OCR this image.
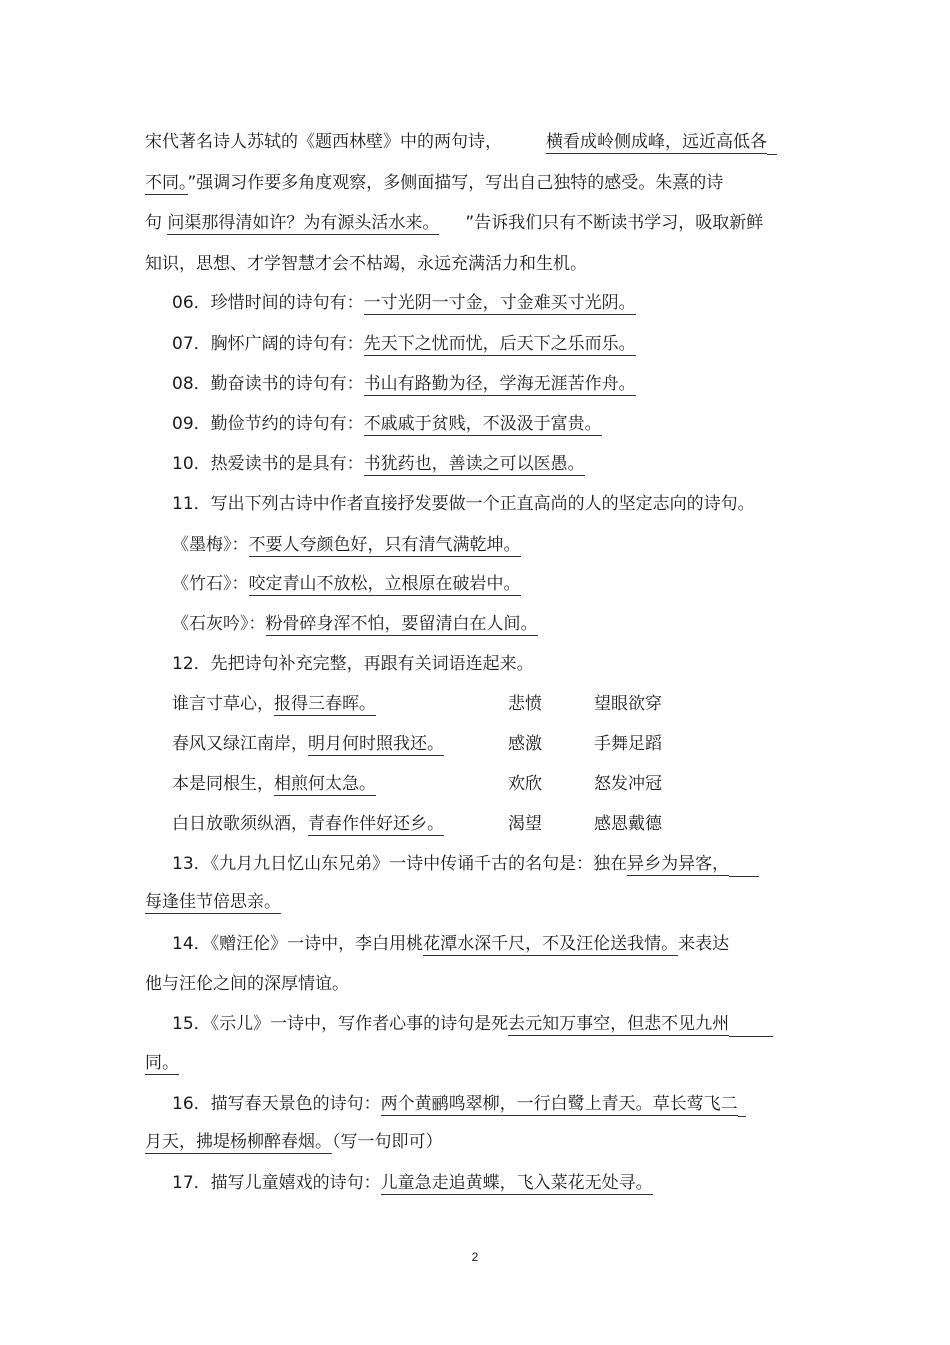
宋代著名诗人苏轼的《题西林壁》中的两句诗，	横看成岭侧成峰，远近高低各
不同。”强调习作要多角度观察，多侧面描写，写出自己独特的感受。朱熹的诗
句 问渠那得清如许？为有源头活水来。 ”告诉我们只有不断读书学习，吸取新鲜
知识，思想、才学智慧才会不枯竭，永远充满活力和生机。
06．珍惜时间的诗句有：一寸光阴一寸金，寸金难买寸光阴。
07．胸怀广阔的诗句有：先天下之忧而忧，后天下之乐而乐。
08．勤奋读书的诗句有：书山有路勤为径，学海无涯苦作舟。
09．勤俭节约的诗句有：不戚戚于贫贱，不汲汲于富贵。
10．热爱读书的是具有：书犹药也，善读之可以医愚。
11．写出下列古诗中作者直接抒发要做一个正直高尚的人的坚定志向的诗句。
《墨梅》：不要人夸颜色好，只有清气满乾坤。
《竹石》：咬定青山不放松，立根原在破岩中。
《石灰吟》：粉骨碎身浑不怕，要留清白在人间。
12．先把诗句补充完整，再跟有关词语连起来。
谁言寸草心，报得三春晖。	悲愤	望眼欲穿
春风又绿江南岸，明月何时照我还。	感激	手舞足蹈
本是同根生，相煎何太急。	欢欣	怒发冲冠
白日放歌须纵酒，青春作伴好还乡。	渴望	感恩戴德
13．《九月九日忆山东兄弟》一诗中传诵千古的名句是：独在异乡为异客，
每逢佳节倍思亲。
14．《赠汪伦》一诗中，李白用桃花潭水深千尺，不及汪伦送我情。来表达
他与汪伦之间的深厚情谊。
15．《示儿》一诗中，写作者心事的诗句是死去元知万事空，但悲不见九州
同。
16．描写春天景色的诗句：两个黄鹂鸣翠柳，一行白鹭上青天。草长莺飞二
月天，拂堤杨柳醉春烟。（写一句即可）
17．描写儿童嬉戏的诗句：儿童急走追黄蝶，飞入菜花无处寻。
2
